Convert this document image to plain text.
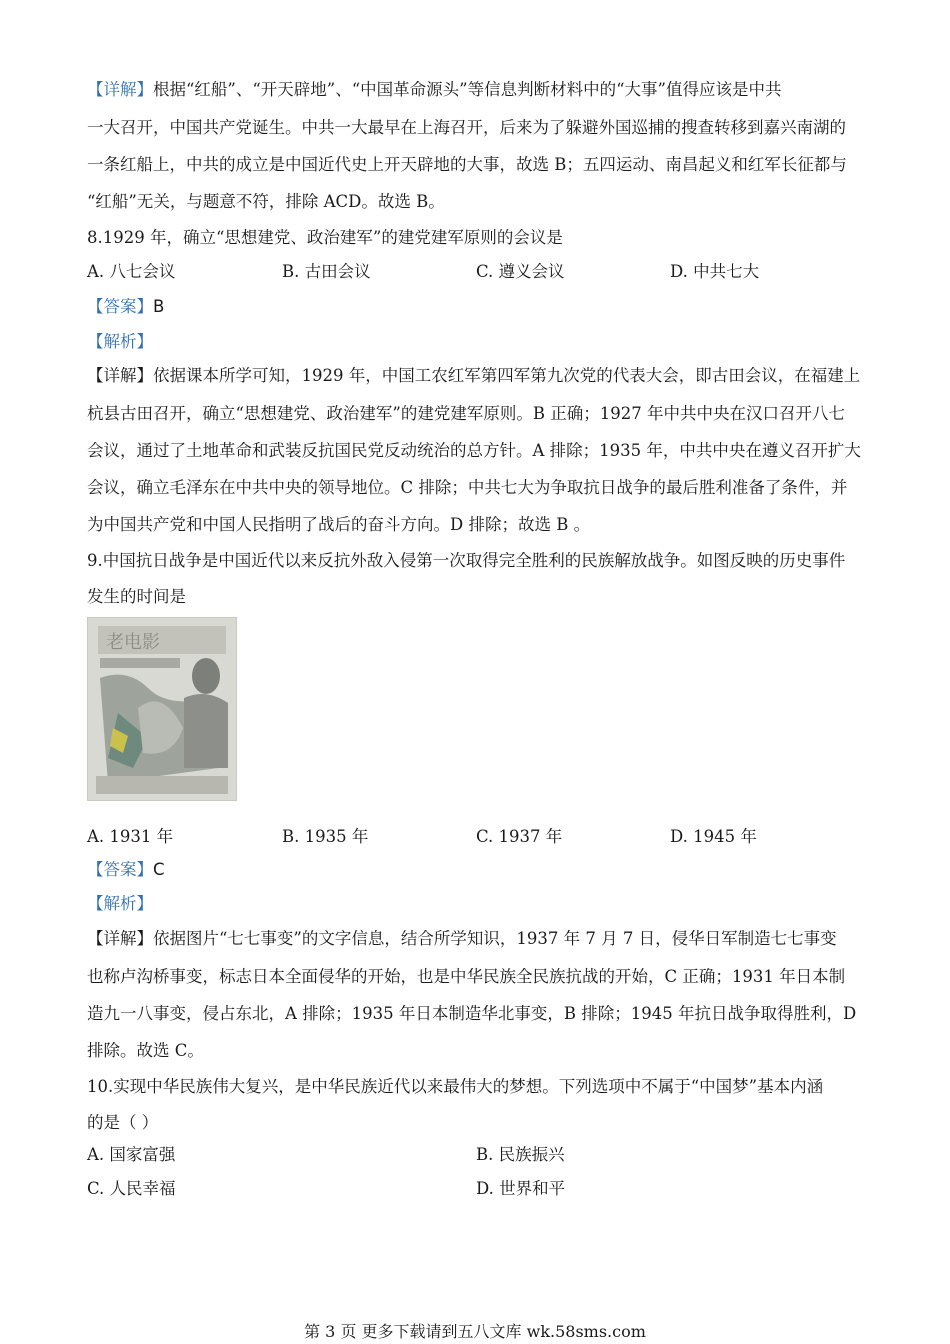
【详解】根据“红船”、“开天辟地”、“中国革命源头”等信息判断材料中的“大事”值得应该是中共
一大召开，中国共产党诞生。中共一大最早在上海召开，后来为了躲避外国巡捕的搜查转移到嘉兴南湖的
一条红船上，中共的成立是中国近代史上开天辟地的大事，故选 B；五四运动、南昌起义和红军长征都与
“红船”无关，与题意不符，排除 ACD。故选 B。
8.1929 年，确立“思想建党、政治建军”的建党建军原则的会议是
A. 八七会议	B. 古田会议	C. 遵义会议	D. 中共七大
【答案】B
【解析】
【详解】依据课本所学可知，1929 年，中国工农红军第四军第九次党的代表大会，即古田会议，在福建上
杭县古田召开，确立“思想建党、政治建军”的建党建军原则。B 正确；1927 年中共中央在汉口召开八七
会议，通过了土地革命和武装反抗国民党反动统治的总方针。A 排除；1935 年，中共中央在遵义召开扩大
会议，确立毛泽东在中共中央的领导地位。C 排除；中共七大为争取抗日战争的最后胜利准备了条件，并
为中国共产党和中国人民指明了战后的奋斗方向。D 排除；故选 B 。
9.中国抗日战争是中国近代以来反抗外敌入侵第一次取得完全胜利的民族解放战争。如图反映的历史事件
发生的时间是
老电影
A. 1931 年	B. 1935 年	C. 1937 年	D. 1945 年
【答案】C
【解析】
【详解】依据图片“七七事变”的文字信息，结合所学知识，1937 年 7 月 7 日，侵华日军制造七七事变
也称卢沟桥事变，标志日本全面侵华的开始，也是中华民族全民族抗战的开始，C 正确；1931 年日本制
造九一八事变，侵占东北，A 排除；1935 年日本制造华北事变，B 排除；1945 年抗日战争取得胜利，D
排除。故选 C。
10.实现中华民族伟大复兴，是中华民族近代以来最伟大的梦想。下列选项中不属于“中国梦”基本内涵
的是（ ）
A. 国家富强	B. 民族振兴
C. 人民幸福	D. 世界和平
第 3 页 更多下载请到五八文库 wk.58sms.com
